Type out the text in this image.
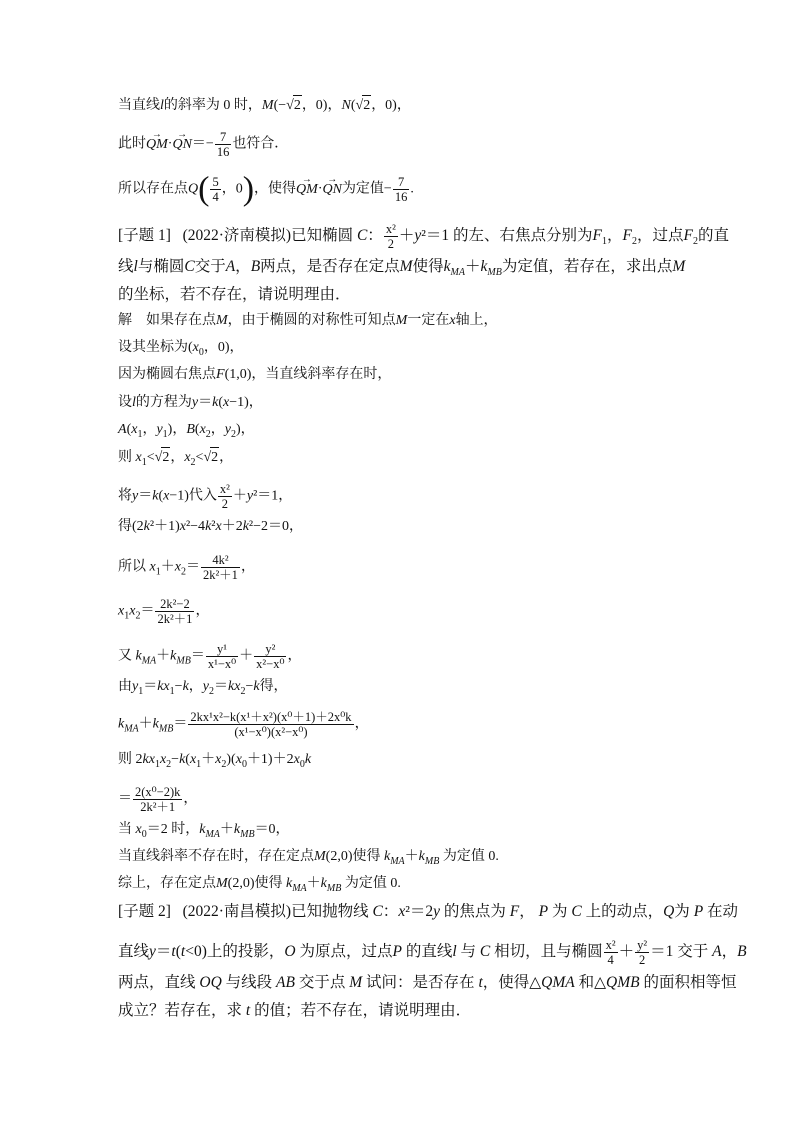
当直线l的斜率为 0 时，M(−√2，0)，N(√2，0)，
此时→ $QM\cdot\to QN=- \frac{7}{16}$ 也符合．
所以存在点$Q( \frac{5}{4}$ ，0)，使得→ QM·→ QN为定值− $\frac{7}{16}$ .
[子题 1] (2022·济南模拟)已知椭圆 C： $\frac{\text{x²}}{2} +y^2=1$ 的左、右焦点分别为$F_1$，$F_2$，过点$F_2$的直
线l与椭圆C交于A，B两点，是否存在定点M使得$k_{MA}+k_{MB}$为定值，若存在，求出点M
的坐标，若不存在，请说明理由．
解　如果存在点M，由于椭圆的对称性可知点M一定在x轴上，
设其坐标为($x_0$，0)，
因为椭圆右焦点F(1,0)，当直线斜率存在时，
设l的方程为y＝k(x−1)，
$A(x_1$，$y_1$)，$B(x_2$，$y_2$)，
则 $x_1<√2$，$x_2<√2$，
将y＝k(x−1)代入 $\frac{\text{x²}}{2} +y^2=1$，
得(2k²＋1)x²−4k²x＋2k²−2＝0，
所以 $x_1+x_2= \frac{\text{4k²}}{\text{2k²＋1}}$ ，
$x_1x_2= \frac{\text{2k²−2}}{\text{2k²＋1}}$ ，
又 $k_{MA}+k_{MB}= \frac{\text{y¹}}{\text{x¹−x⁰}} + \frac{\text{y²}}{\text{x²−x⁰}}$ ，
由$y_1=kx_1-k$，$y_2=kx_2-k$得，
$k_{MA}+k_{MB}= \frac{\text{2kx¹x²−k(x¹＋x²)(x⁰＋1)＋2x⁰k}}{\text{(x¹−x⁰)(x²−x⁰)}}$ ，
则 $2kx_1x_2-k(x_1+x_2)(x_0+1)+2x_0k$
＝ $\frac{\text{2(x⁰−2)k}}{\text{2k²＋1}}$ ，
当 $x_0=2$ 时，$k_{MA}+k_{MB}=0$，
当直线斜率不存在时，存在定点M(2,0)使得 $k_{MA}+k_{MB}$ 为定值 0.
综上，存在定点M(2,0)使得 $k_{MA}+k_{MB}$ 为定值 0.
[子题 2] (2022·南昌模拟)已知抛物线 C：x²＝2y 的焦点为 F， P 为 C 上的动点，Q为 P 在动
直线y＝t(t<0)上的投影，O 为原点，过点P 的直线l 与 C 相切，且与椭圆 $\frac{\text{x²}}{4} + \frac{\text{y²}}{2} =1$ 交于 A，B
两点，直线 OQ 与线段 AB 交于点 M 试问：是否存在 t，使得△QMA 和△QMB 的面积相等恒
成立？若存在，求 t 的值；若不存在，请说明理由．
